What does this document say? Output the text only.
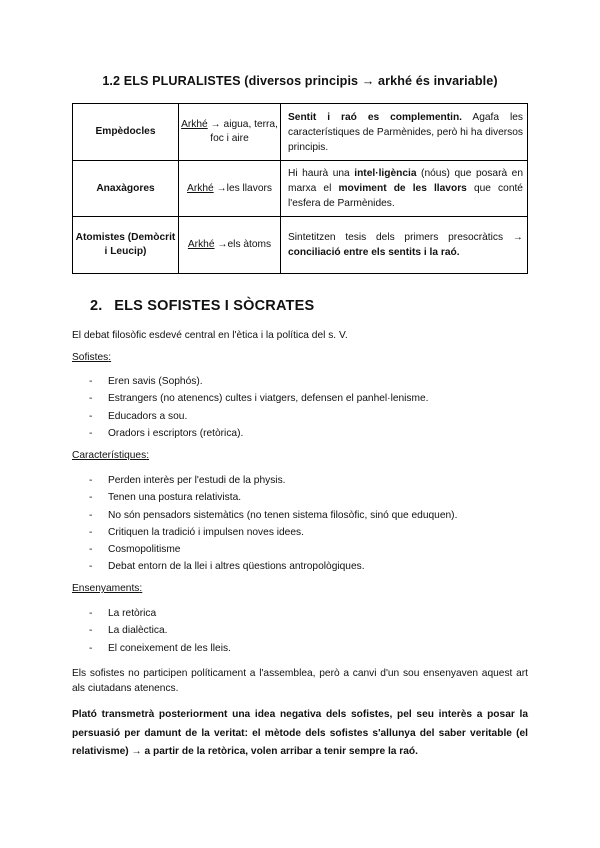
1.2 ELS PLURALISTES (diversos principis → arkhé és invariable)
Empèdocles	Arkhé → aigua, terra, foc i aire	Sentit i raó es complementin. Agafa les característiques de Parmènides, però hi ha diversos principis.
Anaxàgores	Arkhé →les llavors	Hi haurà una intel·ligència (nóus) que posarà en marxa el moviment de les llavors que conté l'esfera de Parmènides.
Atomistes (Demòcrit i Leucip)	Arkhé →els àtoms	Sintetitzen tesis dels primers presocràtics → conciliació entre els sentits i la raó.
2. ELS SOFISTES I SÒCRATES
El debat filosòfic esdevé central en l'ètica i la política del s. V.
Sofistes:
- Eren savis (Sophós).
- Estrangers (no atenencs) cultes i viatgers, defensen el panhel·lenisme.
- Educadors a sou.
- Oradors i escriptors (retòrica).
Característiques:
- Perden interès per l'estudi de la physis.
- Tenen una postura relativista.
- No són pensadors sistemàtics (no tenen sistema filosòfic, sinó que eduquen).
- Critiquen la tradició i impulsen noves idees.
- Cosmopolitisme
- Debat entorn de la llei i altres qüestions antropològiques.
Ensenyaments:
- La retòrica
- La dialèctica.
- El coneixement de les lleis.
Els sofistes no participen políticament a l'assemblea, però a canvi d'un sou ensenyaven aquest art als ciutadans atenencs.
Plató transmetrà posteriorment una idea negativa dels sofistes, pel seu interès a posar la persuasió per damunt de la veritat: el mètode dels sofistes s'allunya del saber veritable (el relativisme) → a partir de la retòrica, volen arribar a tenir sempre la raó.
